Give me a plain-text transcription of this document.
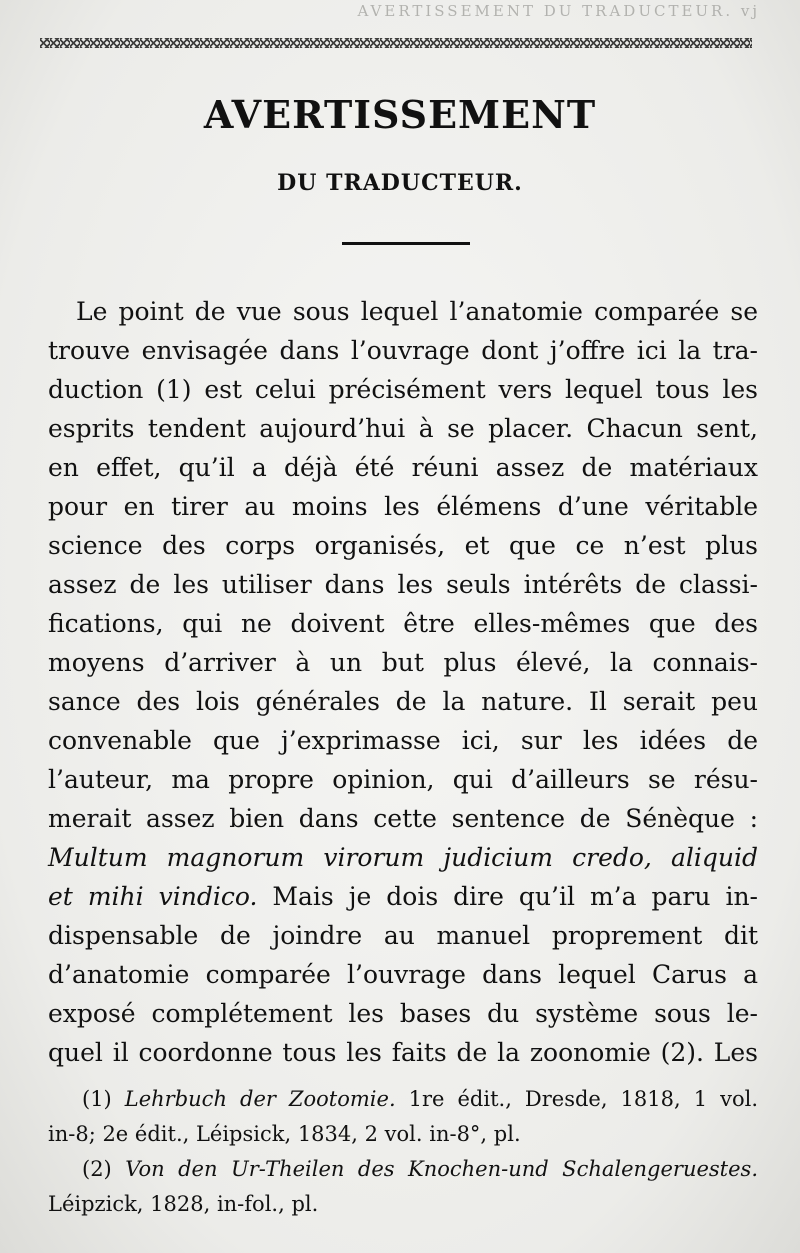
AVERTISSEMENT DU TRADUCTEUR. vj
AVERTISSEMENT
DU TRADUCTEUR.
Le point de vue sous lequel l’anatomie comparée se
trouve envisagée dans l’ouvrage dont j’offre ici la tra-
duction (1) est celui précisément vers lequel tous les
esprits tendent aujourd’hui à se placer. Chacun sent,
en effet, qu’il a déjà été réuni assez de matériaux
pour en tirer au moins les élémens d’une véritable
science des corps organisés, et que ce n’est plus
assez de les utiliser dans les seuls intérêts de classi-
fications, qui ne doivent être elles-mêmes que des
moyens d’arriver à un but plus élevé, la connais-
sance des lois générales de la nature. Il serait peu
convenable que j’exprimasse ici, sur les idées de
l’auteur, ma propre opinion, qui d’ailleurs se résu-
merait assez bien dans cette sentence de Sénèque :
Multum magnorum virorum judicium credo, aliquid
et mihi vindico. Mais je dois dire qu’il m’a paru in-
dispensable de joindre au manuel proprement dit
d’anatomie comparée l’ouvrage dans lequel Carus a
exposé complétement les bases du système sous le-
quel il coordonne tous les faits de la zoonomie (2). Les
(1) Lehrbuch der Zootomie. 1re édit., Dresde, 1818, 1 vol.
in-8; 2e édit., Léipsick, 1834, 2 vol. in-8°, pl.
(2) Von den Ur-Theilen des Knochen-und Schalengeruestes.
Léipzick, 1828, in-fol., pl.
